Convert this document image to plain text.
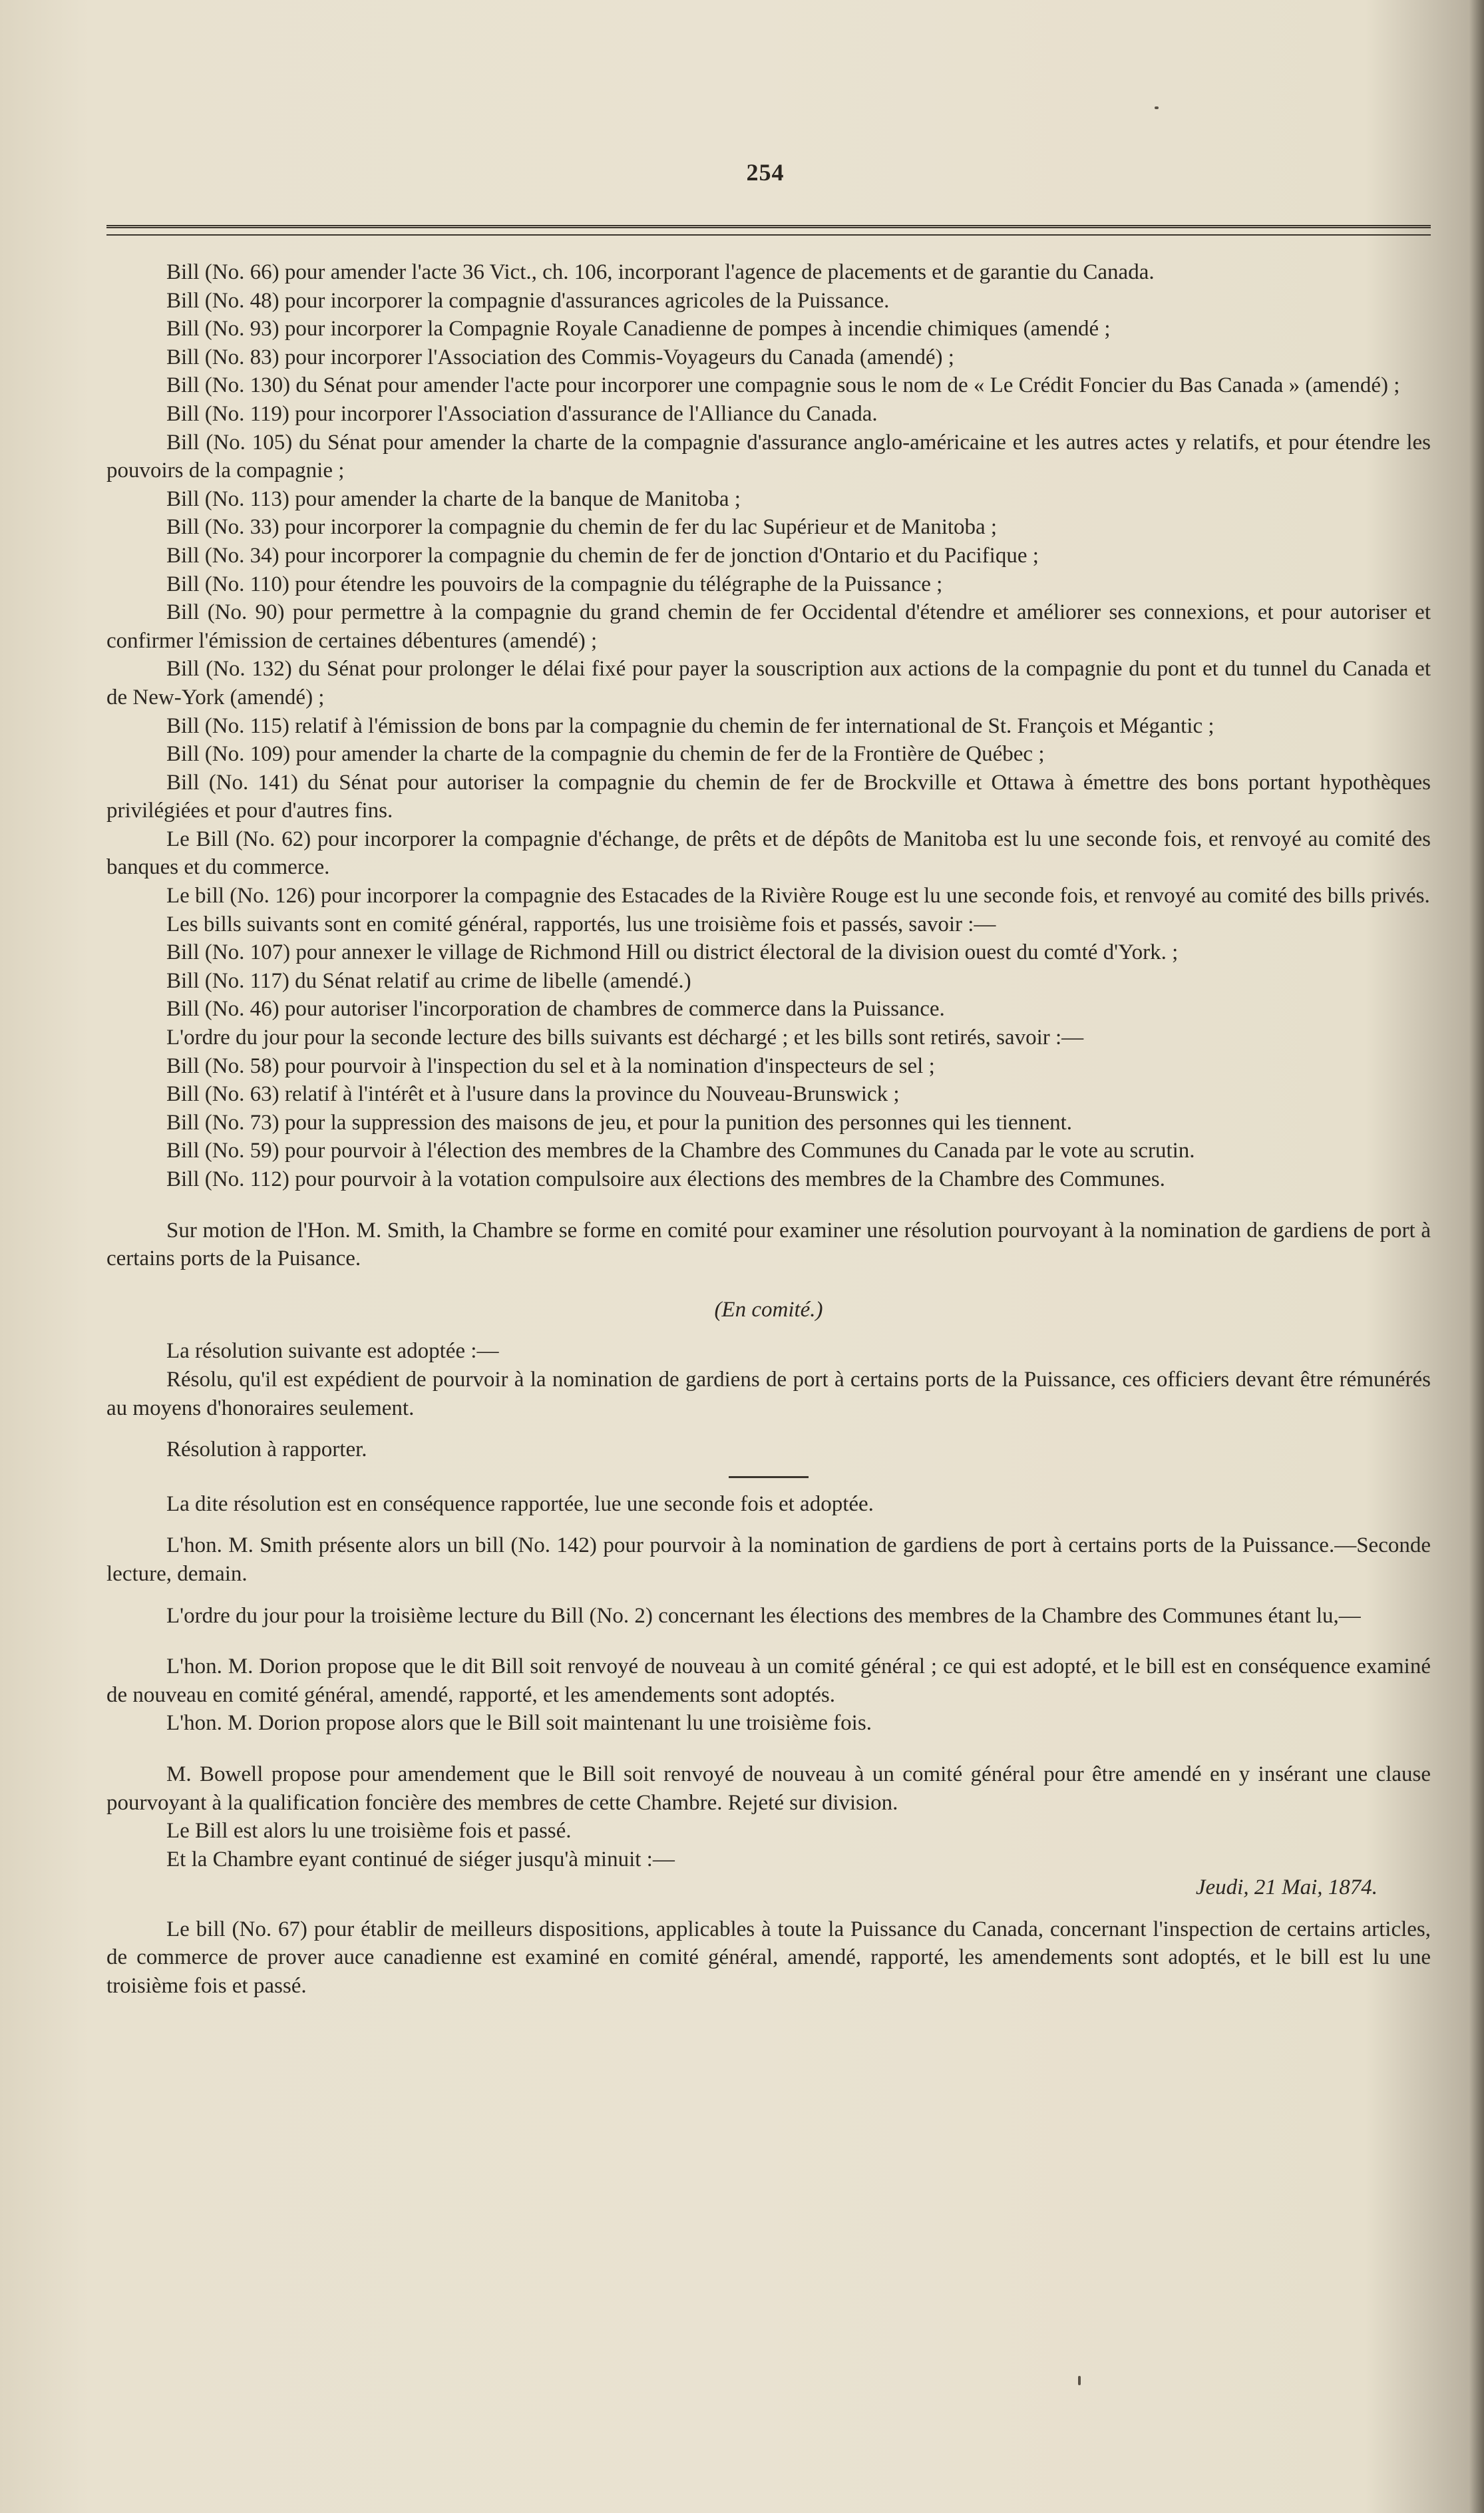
254

Bill (No. 66) pour amender l'acte 36 Vict., ch. 106, incorporant l'agence de placements et de garantie du Canada.

Bill (No. 48) pour incorporer la compagnie d'assurances agricoles de la Puissance.

Bill (No. 93) pour incorporer la Compagnie Royale Canadienne de pompes à incendie chimiques (amendé ;

Bill (No. 83) pour incorporer l'Association des Commis-Voyageurs du Canada (amendé) ;

Bill (No. 130) du Sénat pour amender l'acte pour incorporer une compagnie sous le nom de « Le Crédit Foncier du Bas Canada » (amendé) ;

Bill (No. 119) pour incorporer l'Association d'assurance de l'Alliance du Canada.

Bill (No. 105) du Sénat pour amender la charte de la compagnie d'assurance anglo-américaine et les autres actes y relatifs, et pour étendre les pouvoirs de la compagnie ;

Bill (No. 113) pour amender la charte de la banque de Manitoba ;

Bill (No. 33) pour incorporer la compagnie du chemin de fer du lac Supérieur et de Manitoba ;

Bill (No. 34) pour incorporer la compagnie du chemin de fer de jonction d'Ontario et du Pacifique ;

Bill (No. 110) pour étendre les pouvoirs de la compagnie du télégraphe de la Puissance ;

Bill (No. 90) pour permettre à la compagnie du grand chemin de fer Occidental d'étendre et améliorer ses connexions, et pour autoriser et confirmer l'émission de certaines débentures (amendé) ;

Bill (No. 132) du Sénat pour prolonger le délai fixé pour payer la souscription aux actions de la compagnie du pont et du tunnel du Canada et de New-York (amendé) ;

Bill (No. 115) relatif à l'émission de bons par la compagnie du chemin de fer international de St. François et Mégantic ;

Bill (No. 109) pour amender la charte de la compagnie du chemin de fer de la Frontière de Québec ;

Bill (No. 141) du Sénat pour autoriser la compagnie du chemin de fer de Brockville et Ottawa à émettre des bons portant hypothèques privilégiées et pour d'autres fins.

Le Bill (No. 62) pour incorporer la compagnie d'échange, de prêts et de dépôts de Manitoba est lu une seconde fois, et renvoyé au comité des banques et du commerce.

Le bill (No. 126) pour incorporer la compagnie des Estacades de la Rivière Rouge est lu une seconde fois, et renvoyé au comité des bills privés.

Les bills suivants sont en comité général, rapportés, lus une troisième fois et passés, savoir :—

Bill (No. 107) pour annexer le village de Richmond Hill ou district électoral de la division ouest du comté d'York. ;

Bill (No. 117) du Sénat relatif au crime de libelle (amendé.)

Bill (No. 46) pour autoriser l'incorporation de chambres de commerce dans la Puissance.

L'ordre du jour pour la seconde lecture des bills suivants est déchargé ; et les bills sont retirés, savoir :—

Bill (No. 58) pour pourvoir à l'inspection du sel et à la nomination d'inspecteurs de sel ;

Bill (No. 63) relatif à l'intérêt et à l'usure dans la province du Nouveau-Brunswick ;

Bill (No. 73) pour la suppression des maisons de jeu, et pour la punition des personnes qui les tiennent.

Bill (No. 59) pour pourvoir à l'élection des membres de la Chambre des Communes du Canada par le vote au scrutin.

Bill (No. 112) pour pourvoir à la votation compulsoire aux élections des membres de la Chambre des Communes.

Sur motion de l'Hon. M. Smith, la Chambre se forme en comité pour examiner une résolution pourvoyant à la nomination de gardiens de port à certains ports de la Puisance.

(En comité.)

La résolution suivante est adoptée :—

Résolu, qu'il est expédient de pourvoir à la nomination de gardiens de port à certains ports de la Puissance, ces officiers devant être rémunérés au moyens d'honoraires seulement.

Résolution à rapporter.

La dite résolution est en conséquence rapportée, lue une seconde fois et adoptée.

L'hon. M. Smith présente alors un bill (No. 142) pour pourvoir à la nomination de gardiens de port à certains ports de la Puissance.—Seconde lecture, demain.

L'ordre du jour pour la troisième lecture du Bill (No. 2) concernant les élections des membres de la Chambre des Communes étant lu,—

L'hon. M. Dorion propose que le dit Bill soit renvoyé de nouveau à un comité général ; ce qui est adopté, et le bill est en conséquence examiné de nouveau en comité général, amendé, rapporté, et les amendements sont adoptés.

L'hon. M. Dorion propose alors que le Bill soit maintenant lu une troisième fois.

M. Bowell propose pour amendement que le Bill soit renvoyé de nouveau à un comité général pour être amendé en y insérant une clause pourvoyant à la qualification foncière des membres de cette Chambre. Rejeté sur division.

Le Bill est alors lu une troisième fois et passé.

Et la Chambre eyant continué de siéger jusqu'à minuit :—

Jeudi, 21 Mai, 1874.

Le bill (No. 67) pour établir de meilleurs dispositions, applicables à toute la Puissance du Canada, concernant l'inspection de certains articles, de commerce de prover auce canadienne est examiné en comité général, amendé, rapporté, les amendements sont adoptés, et le bill est lu une troisième fois et passé.
